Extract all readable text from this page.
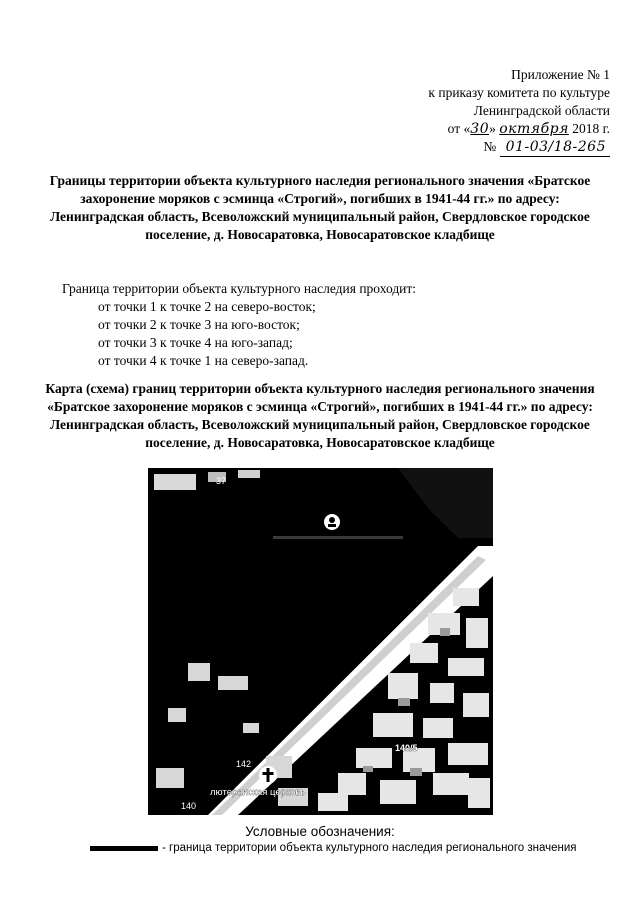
Приложение № 1
к приказу комитета по культуре
Ленинградской области
от «30» октября 2018 г.
№ 01-03/18-265
Границы территории объекта культурного наследия регионального значения «Братское захоронение моряков с эсминца «Строгий», погибших в 1941-44 гг.» по адресу: Ленинградская область, Всеволожский муниципальный район, Свердловское городское поселение, д. Новосаратовка, Новосаратовское кладбище
Граница территории объекта культурного наследия проходит:
от точки 1 к точке 2 на северо-восток;
от точки 2 к точке 3 на юго-восток;
от точки 3 к точке 4 на юго-запад;
от точки 4 к точке 1 на северо-запад.
Карта (схема) границ территории объекта культурного наследия регионального значения «Братское захоронение моряков с эсминца «Строгий», погибших в 1941-44 гг.» по адресу: Ленинградская область, Всеволожский муниципальный район, Свердловское городское поселение, д. Новосаратовка, Новосаратовское кладбище
37
140/5
142
лютеранская церковь
140
Условные обозначения:
- граница территории объекта культурного наследия регионального значения
